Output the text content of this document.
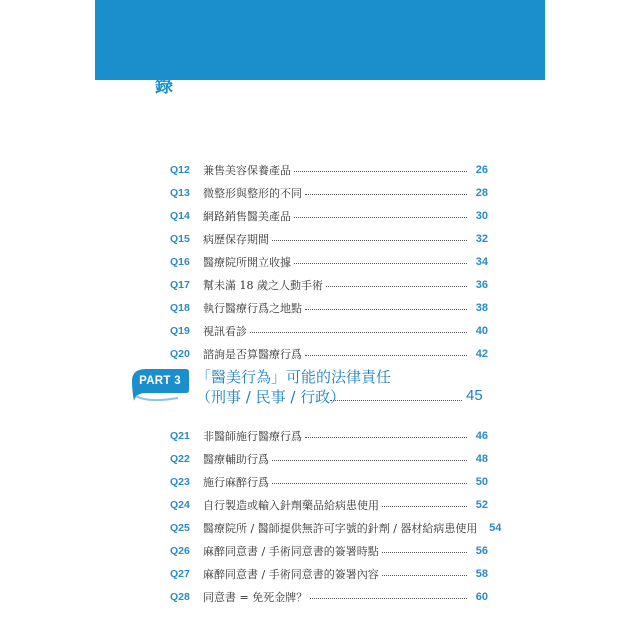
目
錄
CONTENTS
Q12	兼售美容保養產品	26
Q13	微整形與整形的不同	28
Q14	網路銷售醫美產品	30
Q15	病歷保存期間	32
Q16	醫療院所開立收據	34
Q17	幫未滿 18 歲之人動手術	36
Q18	執行醫療行爲之地點	38
Q19	視訊看診	40
Q20	諮詢是否算醫療行爲	42
PART 3	「醫美行為」可能的法律責任
（刑事 / 民事 / 行政）	45
Q21	非醫師施行醫療行爲	46
Q22	醫療輔助行爲	48
Q23	施行麻醉行爲	50
Q24	自行製造或輸入針劑藥品給病患使用	52
Q25	醫療院所 / 醫師提供無許可字號的針劑 / 器材給病患使用	54
Q26	麻醉同意書 / 手術同意書的簽署時點	56
Q27	麻醉同意書 / 手術同意書的簽署內容	58
Q28	同意書 = 免死金牌？	60
